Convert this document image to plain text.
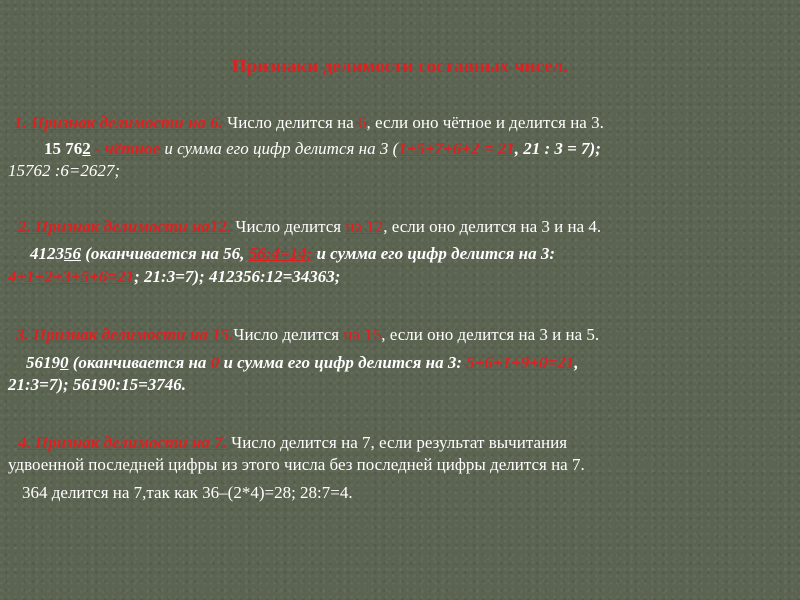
Признаки делимости составных чисел.
1. Признак делимости на 6. Число делится на 6, если оно чётное и делится на 3.
15 762 - чётное и сумма его цифр делится на 3 (1+5+7+6+2 = 21, 21 : 3 = 7);
15762 :6=2627;
2. Признак делимости на12. Число делится на 12, если оно делится на 3 и на 4.
412356 (оканчивается на 56, 56:4=14; и сумма его цифр делится на 3:
4+1+2+3+5+6=21; 21:3=7); 412356:12=34363;
3. Признак делимости на 15.Число делится на 15, если оно делится на 3 и на 5.
56190 (оканчивается на 0 и сумма его цифр делится на 3: 5+6+1+9+0=21,
21:3=7); 56190:15=3746.
4. Признак делимости на 7. Число делится на 7, если результат вычитания
удвоенной последней цифры из этого числа без последней цифры делится на 7.
364 делится на 7,так как 36–(2*4)=28; 28:7=4.
